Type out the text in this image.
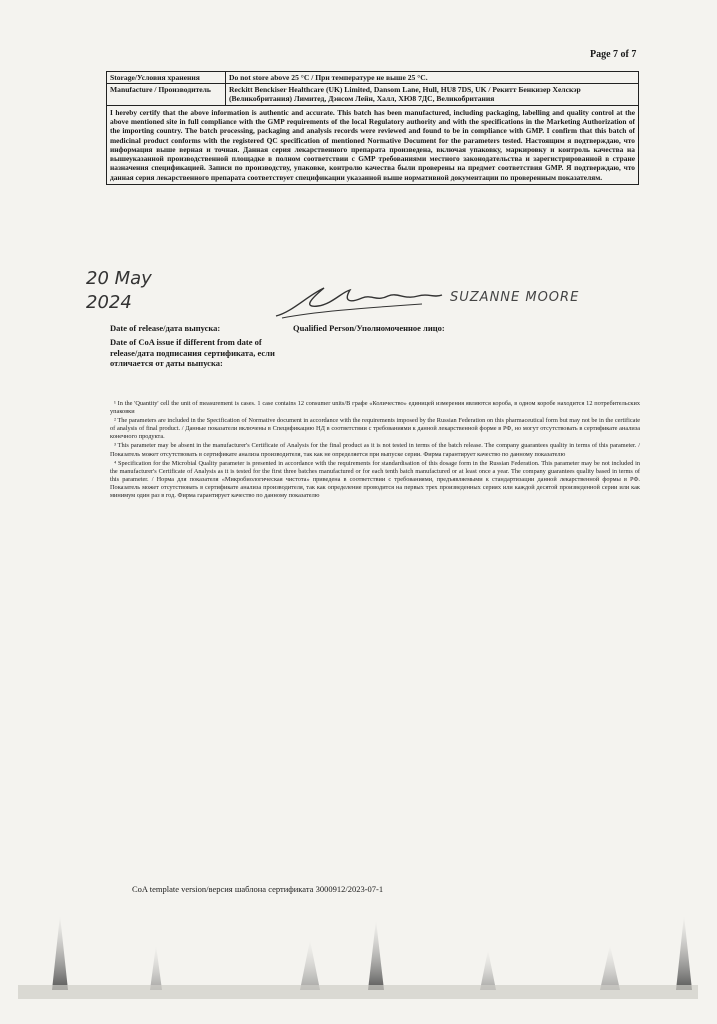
Page 7 of 7
Storage/Условия хранения	Do not store above 25 °C / При температуре не выше 25 °C.
Manufacture / Производитель	Reckitt Benckiser Healthcare (UK) Limited, Dansom Lane, Hull, HU8 7DS, UK / Рекитт Бенкизер Хелскэр (Великобритания) Лимитед, Дэнсом Лейн, Халл, ХЮ8 7ДС, Великобритания
I hereby certify that the above information is authentic and accurate. This batch has been manufactured, including packaging, labelling and quality control at the above mentioned site in full compliance with the GMP requirements of the local Regulatory authority and with the specifications in the Marketing Authorization of the importing country. The batch processing, packaging and analysis records were reviewed and found to be in compliance with GMP. I confirm that this batch of medicinal product conforms with the registered QC specification of mentioned Normative Document for the parameters tested. Настоящим я подтверждаю, что информация выше верная и точная. Данная серия лекарственного препарата произведена, включая упаковку, маркировку и контроль качества на вышеуказанной производственной площадке в полном соответствии с GMP требованиями местного законодательства и зарегистрированной в стране назначения спецификацией. Записи по производству, упаковке, контролю качества были проверены на предмет соответствия GMP. Я подтверждаю, что данная серия лекарственного препарата соответствует спецификации указанной выше нормативной документации по проверенным показателям.	
20 May
2024	SUZANNE MOORE
Date of release/дата выпуска:	Qualified Person/Уполномоченное лицо:
Date of CoA issue if different from date of release/дата подписания сертификата, если отличается от даты выпуска:

¹ In the 'Quantity' cell the unit of measurement is cases. 1 case contains 12 consumer units/В графе «Количество» единицей измерения являются короба, в одном коробе находится 12 потребительских упаковки

² The parameters are included in the Specification of Normative document in accordance with the requirements imposed by the Russian Federation on this pharmaceutical form but may not be in the certificate of analysis of final product. / Данные показатели включены в Спецификацию НД в соответствии с требованиями к данной лекарственной форме в РФ, но могут отсутствовать в сертификате анализа конечного продукта.

³ This parameter may be absent in the manufacturer's Certificate of Analysis for the final product as it is not tested in terms of the batch release. The company guarantees quality in terms of this parameter. / Показатель может отсутствовать в сертификате анализа производителя, так как не определяется при выпуске серии. Фирма гарантирует качество по данному показателю

⁴ Specification for the Microbial Quality parameter is presented in accordance with the requirements for standardisation of this dosage form in the Russian Federation. This parameter may be not included in the manufacturer's Certificate of Analysis as it is tested for the first three batches manufactured or for each tenth batch manufactured or at least once a year. The company guarantees quality based in terms of this parameter. / Норма для показателя «Микробиологическая чистота» приведена в соответствии с требованиями, предъявляемыми к стандартизации данной лекарственной формы в РФ. Показатель может отсутствовать в сертификате анализа производителя, так как определение проводится на первых трех произведенных сериях или каждой десятой произведенной серии или как минимум один раз в год. Фирма гарантирует качество по данному показателю

CoA template version/версия шаблона сертификата 3000912/2023-07-1
